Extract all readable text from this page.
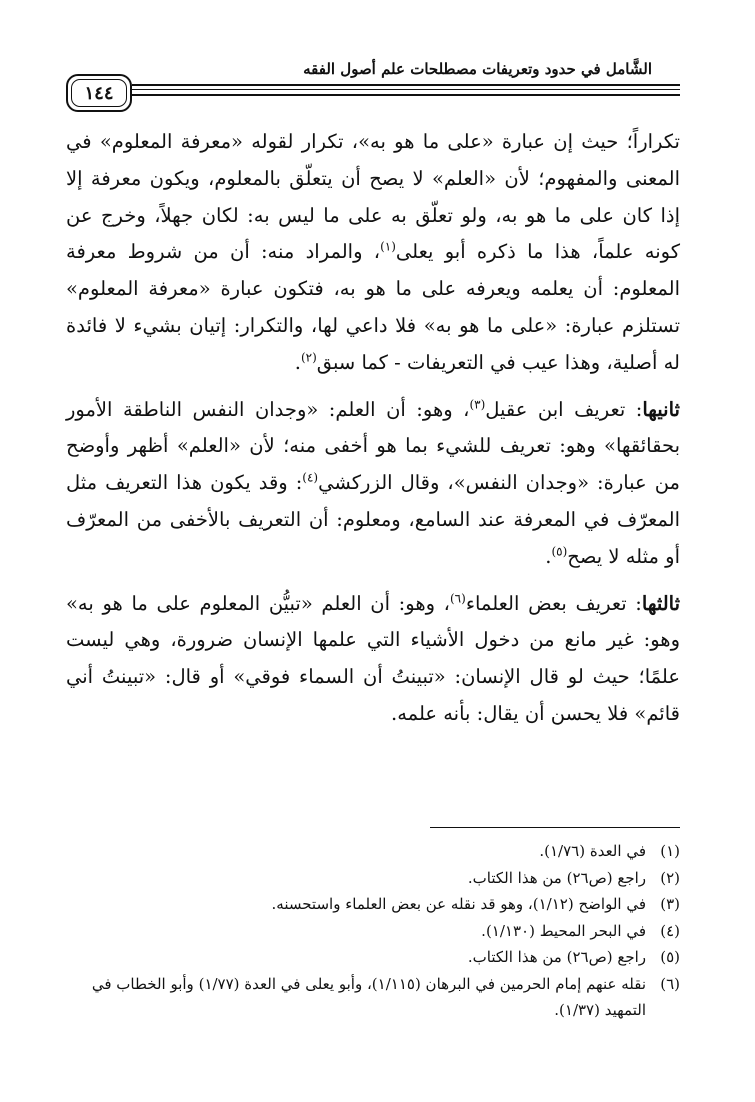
الشَّامل في حدود وتعريفات مصطلحات علم أصول الفقه
١٤٤

تكراراً؛ حيث إن عبارة «على ما هو به»، تكرار لقوله «معرفة المعلوم» في المعنى والمفهوم؛ لأن «العلم» لا يصح أن يتعلّق بالمعلوم، ويكون معرفة إلا إذا كان على ما هو به، ولو تعلّق به على ما ليس به: لكان جهلاً، وخرج عن كونه علماً، هذا ما ذكره أبو يعلى$^{(١)}$، والمراد منه: أن من شروط معرفة المعلوم: أن يعلمه ويعرفه على ما هو به، فتكون عبارة «معرفة المعلوم» تستلزم عبارة: «على ما هو به» فلا داعي لها، والتكرار: إتيان بشيء لا فائدة له أصلية، وهذا عيب في التعريفات - كما سبق$^{(٢)}$.

ثانيها: تعريف ابن عقيل$^{(٣)}$، وهو: أن العلم: «وجدان النفس الناطقة الأمور بحقائقها» وهو: تعريف للشيء بما هو أخفى منه؛ لأن «العلم» أظهر وأوضح من عبارة: «وجدان النفس»، وقال الزركشي$^{(٤)}$: وقد يكون هذا التعريف مثل المعرّف في المعرفة عند السامع، ومعلوم: أن التعريف بالأخفى من المعرّف أو مثله لا يصح$^{(٥)}$.

ثالثها: تعريف بعض العلماء$^{(٦)}$، وهو: أن العلم «تبيُّن المعلوم على ما هو به» وهو: غير مانع من دخول الأشياء التي علمها الإنسان ضرورة، وهي ليست علمًا؛ حيث لو قال الإنسان: «تبينتُ أن السماء فوقي» أو قال: «تبينتُ أني قائم» فلا يحسن أن يقال: بأنه علمه.

(١)
في العدة (١/٧٦).
(٢)
راجع (ص٢٦) من هذا الكتاب.
(٣)
في الواضح (١/١٢)، وهو قد نقله عن بعض العلماء واستحسنه.
(٤)
في البحر المحيط (١/١٣٠).
(٥)
راجع (ص٢٦) من هذا الكتاب.
(٦)
نقله عنهم إمام الحرمين في البرهان (١/١١٥)، وأبو يعلى في العدة (١/٧٧) وأبو الخطاب في التمهيد (١/٣٧).
